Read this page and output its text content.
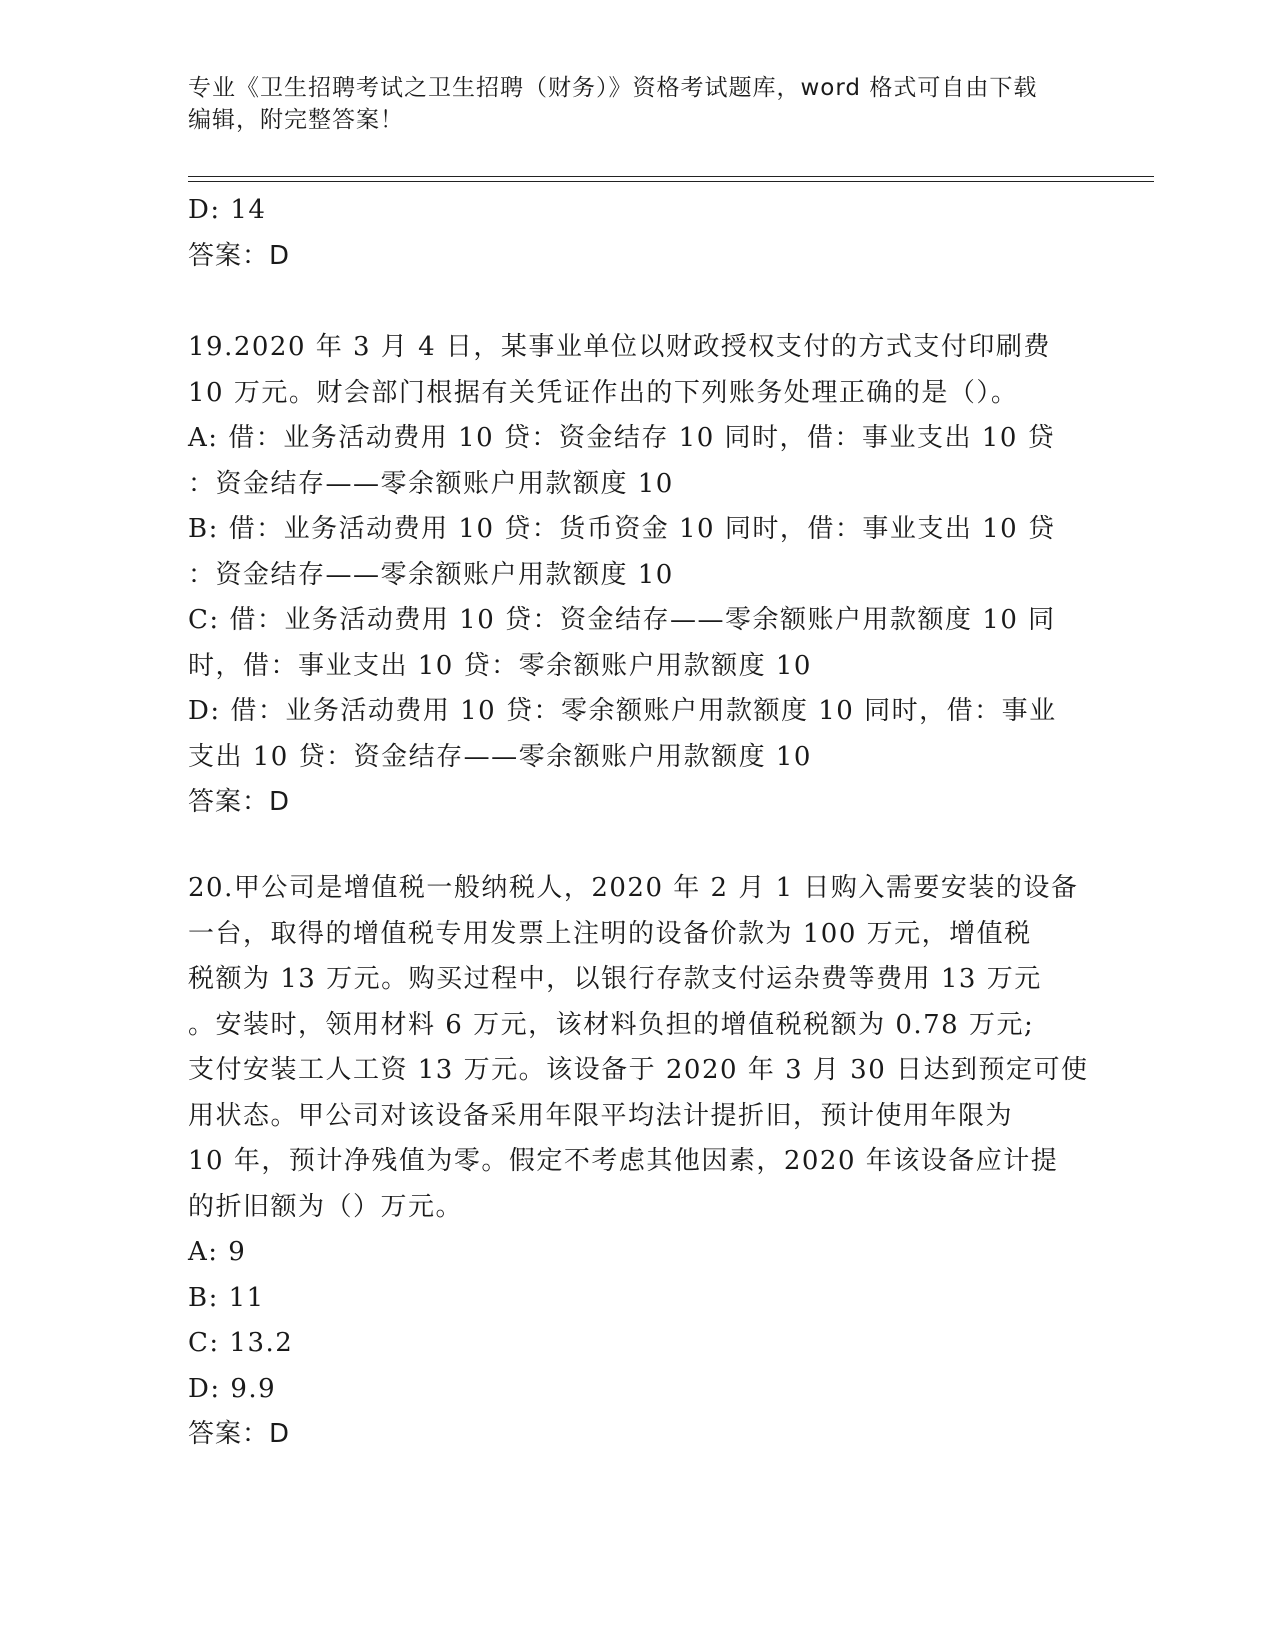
专业《卫生招聘考试之卫生招聘（财务）》资格考试题库，word 格式可自由下载
编辑，附完整答案！
D: 14
答案：D
19.2020 年 3 月 4 日，某事业单位以财政授权支付的方式支付印刷费
10 万元。财会部门根据有关凭证作出的下列账务处理正确的是（）。
A: 借：业务活动费用 10 贷：资金结存 10 同时，借：事业支出 10 贷
：资金结存——零余额账户用款额度 10
B: 借：业务活动费用 10 贷：货币资金 10 同时，借：事业支出 10 贷
：资金结存——零余额账户用款额度 10
C: 借：业务活动费用 10 贷：资金结存——零余额账户用款额度 10 同
时，借：事业支出 10 贷：零余额账户用款额度 10
D: 借：业务活动费用 10 贷：零余额账户用款额度 10 同时，借：事业
支出 10 贷：资金结存——零余额账户用款额度 10
答案：D
20.甲公司是增值税一般纳税人，2020 年 2 月 1 日购入需要安装的设备
一台，取得的增值税专用发票上注明的设备价款为 100 万元，增值税
税额为 13 万元。购买过程中，以银行存款支付运杂费等费用 13 万元
。安装时，领用材料 6 万元，该材料负担的增值税税额为 0.78 万元;
支付安装工人工资 13 万元。该设备于 2020 年 3 月 30 日达到预定可使
用状态。甲公司对该设备采用年限平均法计提折旧，预计使用年限为
10 年，预计净残值为零。假定不考虑其他因素，2020 年该设备应计提
的折旧额为（）万元。
A: 9
B: 11
C: 13.2
D: 9.9
答案：D
